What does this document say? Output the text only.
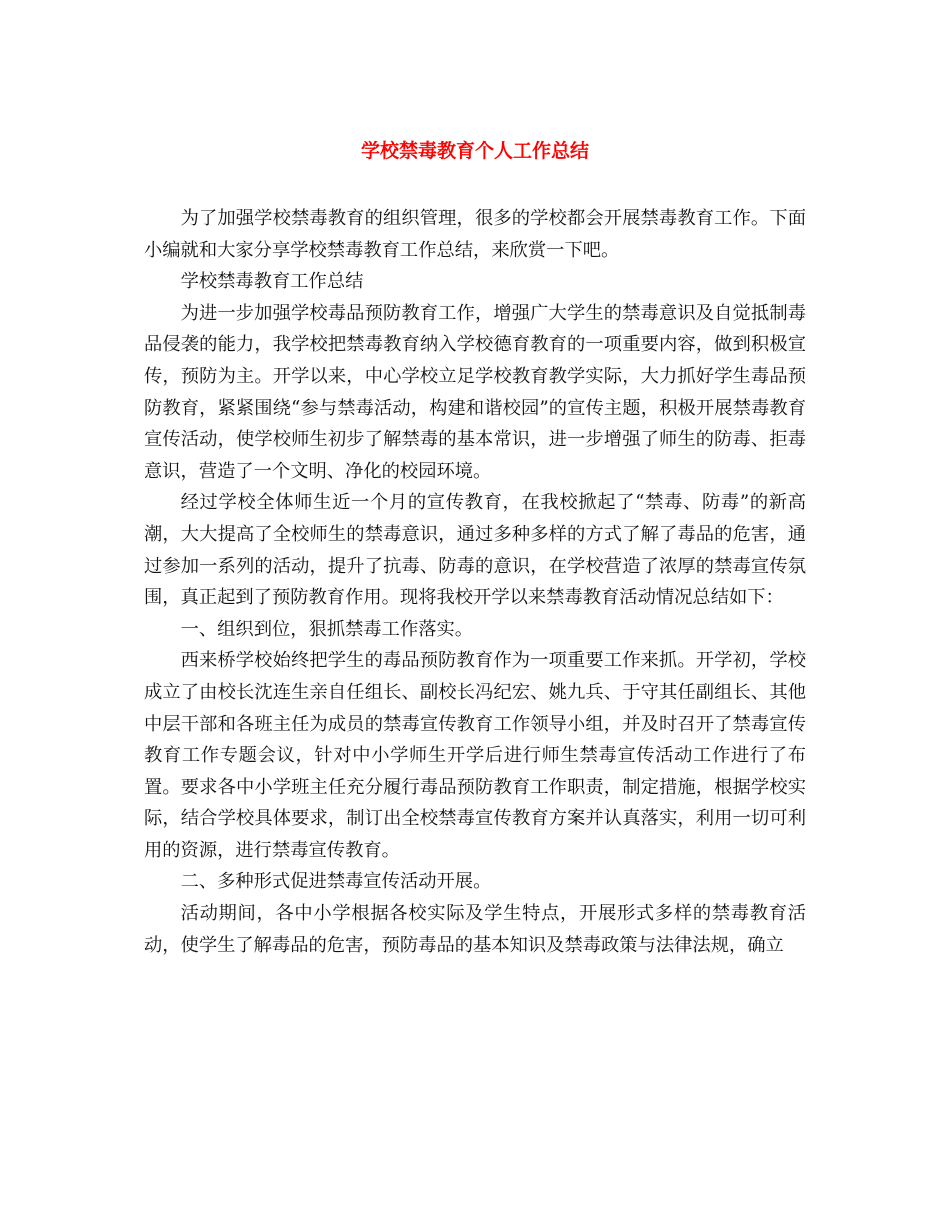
学校禁毒教育个人工作总结

为了加强学校禁毒教育的组织管理，很多的学校都会开展禁毒教育工作。下面小编就和大家分享学校禁毒教育工作总结，来欣赏一下吧。

学校禁毒教育工作总结

为进一步加强学校毒品预防教育工作，增强广大学生的禁毒意识及自觉抵制毒品侵袭的能力，我学校把禁毒教育纳入学校德育教育的一项重要内容，做到积极宣传，预防为主。开学以来，中心学校立足学校教育教学实际，大力抓好学生毒品预防教育，紧紧围绕“参与禁毒活动，构建和谐校园”的宣传主题，积极开展禁毒教育宣传活动，使学校师生初步了解禁毒的基本常识，进一步增强了师生的防毒、拒毒意识，营造了一个文明、净化的校园环境。

经过学校全体师生近一个月的宣传教育，在我校掀起了“禁毒、防毒”的新高潮，大大提高了全校师生的禁毒意识，通过多种多样的方式了解了毒品的危害，通过参加一系列的活动，提升了抗毒、防毒的意识，在学校营造了浓厚的禁毒宣传氛围，真正起到了预防教育作用。现将我校开学以来禁毒教育活动情况总结如下：

一、组织到位，狠抓禁毒工作落实。

西来桥学校始终把学生的毒品预防教育作为一项重要工作来抓。开学初，学校成立了由校长沈连生亲自任组长、副校长冯纪宏、姚九兵、于守其任副组长、其他中层干部和各班主任为成员的禁毒宣传教育工作领导小组，并及时召开了禁毒宣传教育工作专题会议，针对中小学师生开学后进行师生禁毒宣传活动工作进行了布置。要求各中小学班主任充分履行毒品预防教育工作职责，制定措施，根据学校实际，结合学校具体要求，制订出全校禁毒宣传教育方案并认真落实，利用一切可利用的资源，进行禁毒宣传教育。

二、多种形式促进禁毒宣传活动开展。

活动期间，各中小学根据各校实际及学生特点，开展形式多样的禁毒教育活动，使学生了解毒品的危害，预防毒品的基本知识及禁毒政策与法律法规，确立
